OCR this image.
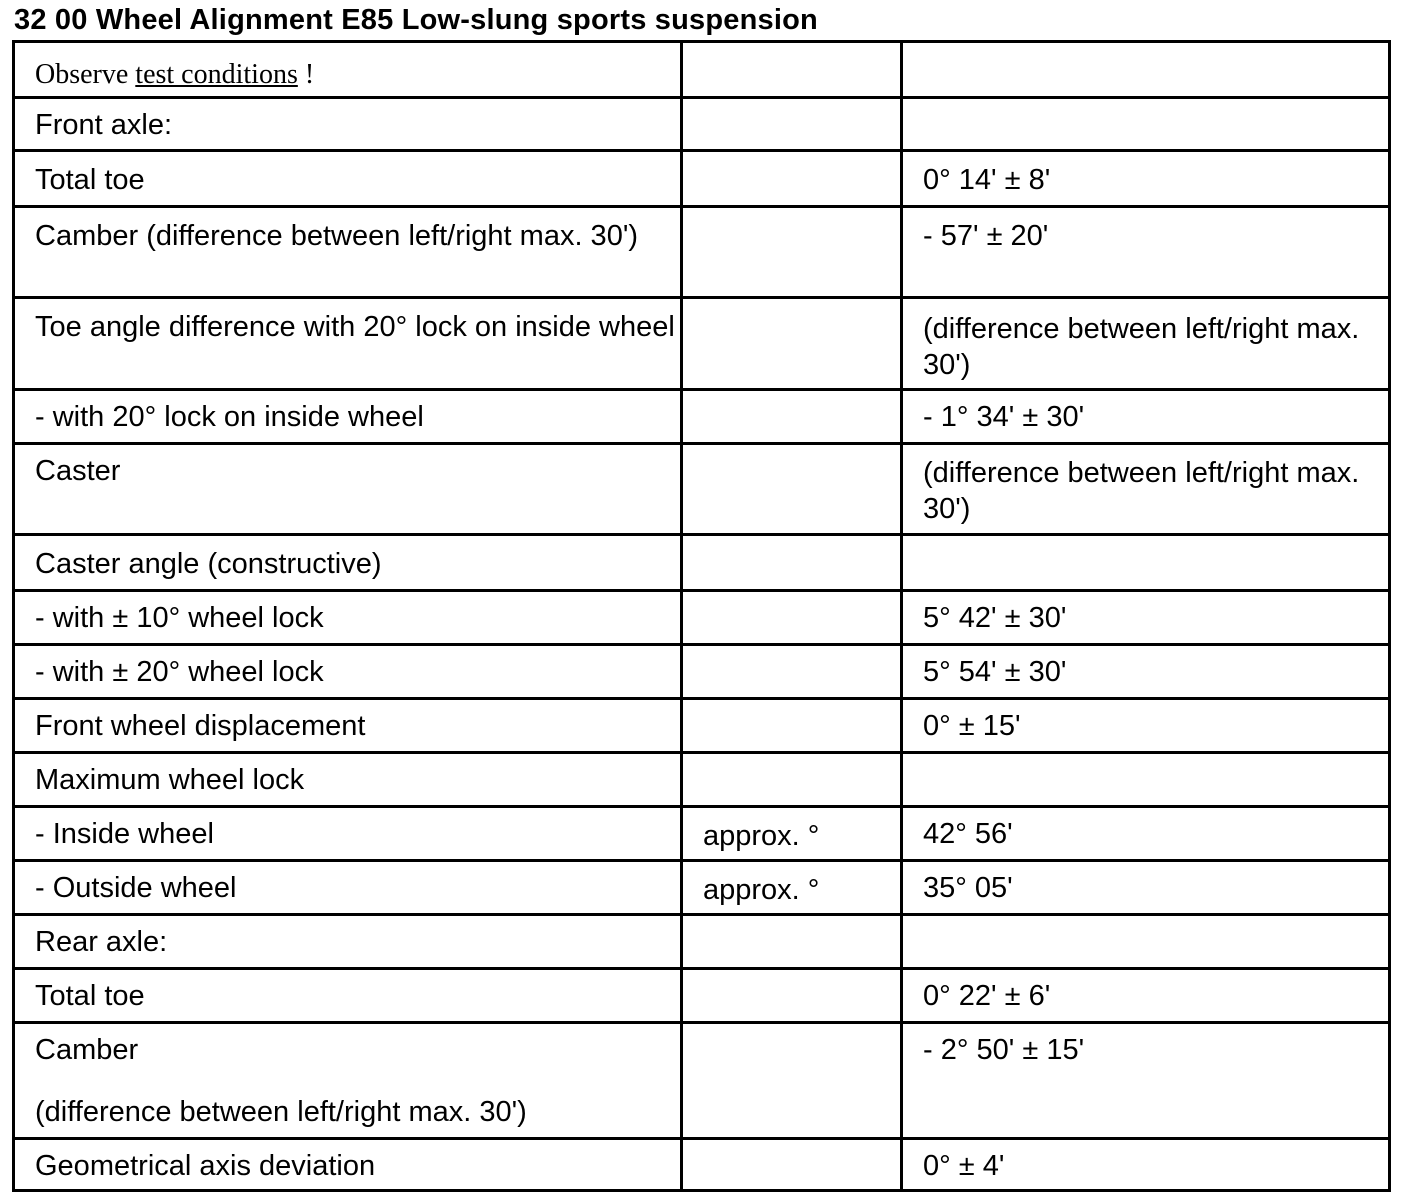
32 00 Wheel Alignment E85 Low-slung sports suspension
Observe test conditions !		
Front axle:		
Total toe		0° 14' ± 8'
Camber (difference between left/right max. 30')		- 57' ± 20'
Toe angle difference with 20° lock on inside wheel		(difference between left/right max. 30')
- with 20° lock on inside wheel		- 1° 34' ± 30'
Caster		(difference between left/right max. 30')
Caster angle (constructive)		
- with ± 10° wheel lock		5° 42' ± 30'
- with ± 20° wheel lock		5° 54' ± 30'
Front wheel displacement		0° ± 15'
Maximum wheel lock		
- Inside wheel	approx. °	42° 56'
- Outside wheel	approx. °	35° 05'
Rear axle:		
Total toe		0° 22' ± 6'
Camber
(difference between left/right max. 30')		- 2° 50' ± 15'
Geometrical axis deviation		0° ± 4'
